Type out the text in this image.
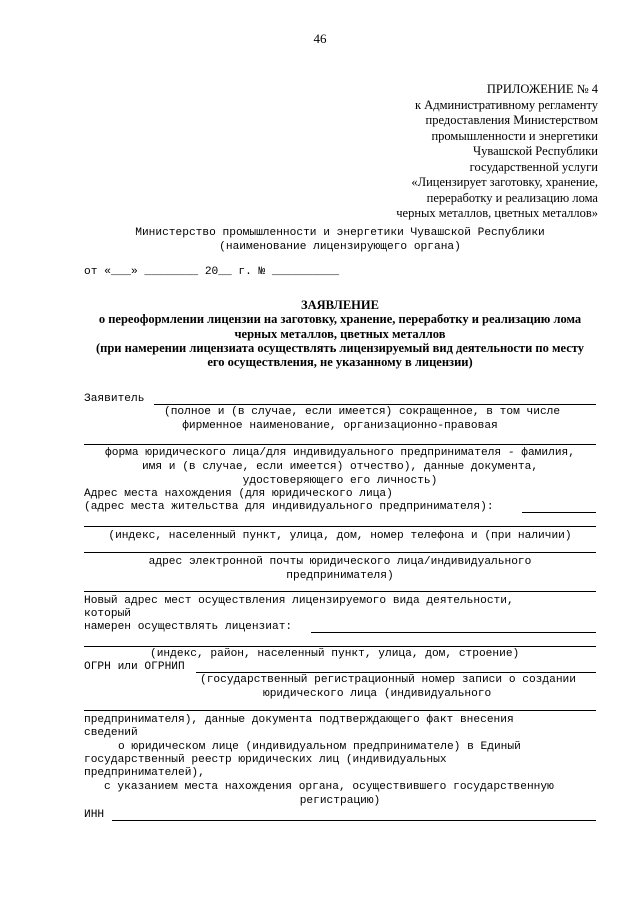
46
ПРИЛОЖЕНИЕ № 4
к Административному регламенту
предоставления Министерством
промышленности и энергетики
Чувашской Республики
государственной услуги
«Лицензирует заготовку, хранение,
переработку и реализацию лома
черных металлов, цветных металлов»
Министерство промышленности и энергетики Чувашской Республики
(наименование лицензирующего органа)
от «___» ________ 20__ г. № __________
ЗАЯВЛЕНИЕ
о переоформлении лицензии на заготовку, хранение, переработку и реализацию лома
черных металлов, цветных металлов
(при намерении лицензиата осуществлять лицензируемый вид деятельности по месту
его осуществления, не указанному в лицензии)
Заявитель
(полное и (в случае, если имеется) сокращенное, в том числе
фирменное наименование, организационно-правовая
форма юридического лица/для индивидуального предпринимателя - фамилия,
имя и (в случае, если имеется) отчество), данные документа,
удостоверяющего его личность)
Адрес места нахождения (для юридического лица)
(адрес места жительства для индивидуального предпринимателя):
(индекс, населенный пункт, улица, дом, номер телефона и (при наличии)
адрес электронной почты юридического лица/индивидуального
предпринимателя)
Новый адрес мест осуществления лицензируемого вида деятельности,
который
намерен осуществлять лицензиат:
(индекс, район, населенный пункт, улица, дом, строение)
ОГРН или ОГРНИП
(государственный регистрационный номер записи о создании
юридического лица (индивидуального
предпринимателя), данные документа подтверждающего факт внесения
сведений
о юридическом лице (индивидуальном предпринимателе) в Единый
государственный реестр юридических лиц (индивидуальных
предпринимателей),
с указанием места нахождения органа, осуществившего государственную
регистрацию)
ИНН
